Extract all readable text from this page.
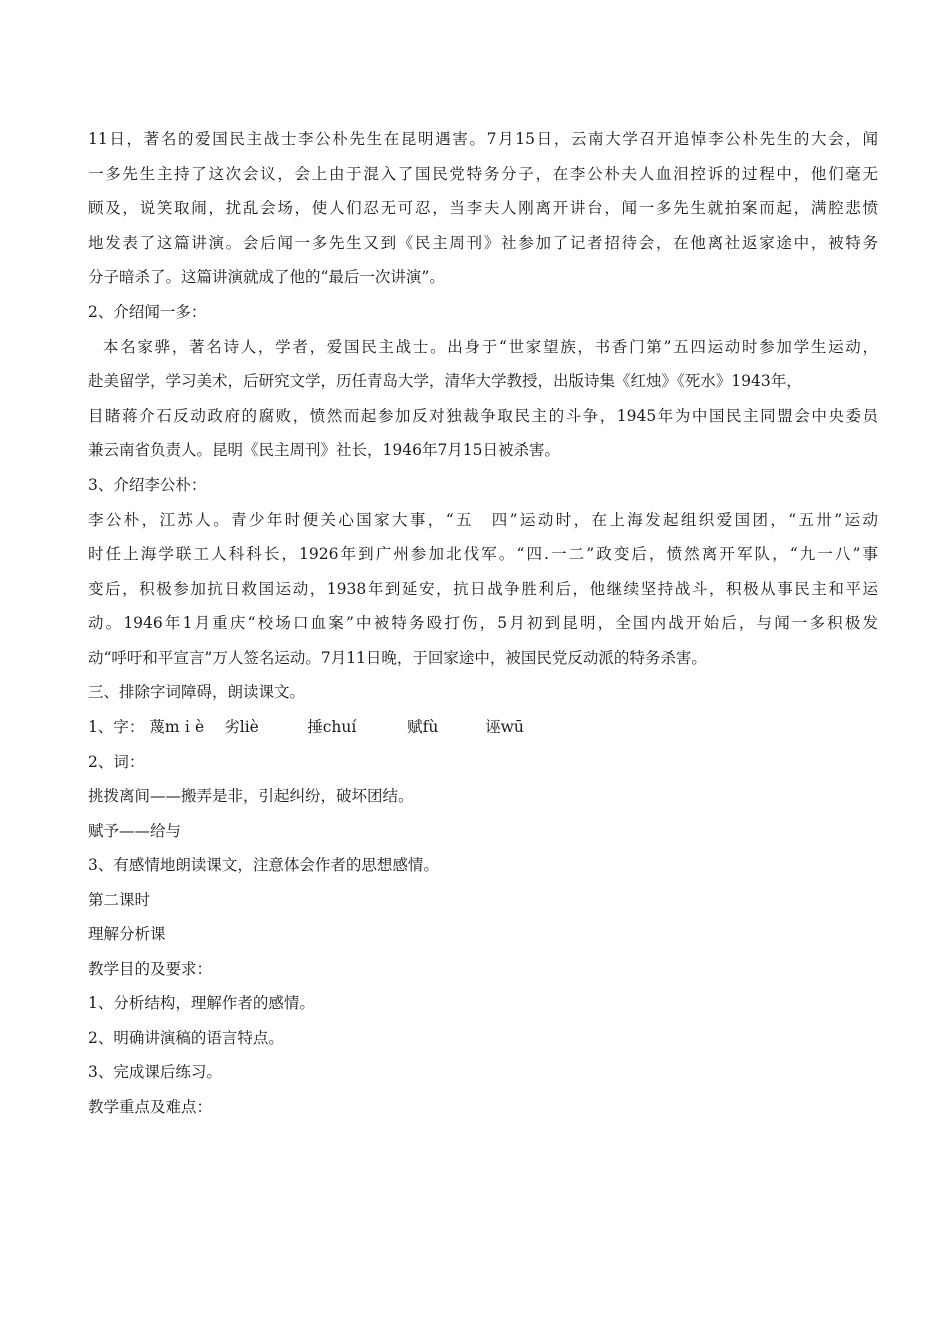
11日，著名的爱国民主战士李公朴先生在昆明遇害。7月15日，云南大学召开追悼李公朴先生的大会，闻
一多先生主持了这次会议，会上由于混入了国民党特务分子，在李公朴夫人血泪控诉的过程中，他们毫无
顾及，说笑取闹，扰乱会场，使人们忍无可忍，当李夫人刚离开讲台，闻一多先生就拍案而起，满腔悲愤
地发表了这篇讲演。会后闻一多先生又到《民主周刊》社参加了记者招待会，在他离社返家途中，被特务
分子暗杀了。这篇讲演就成了他的“最后一次讲演”。
2、介绍闻一多：
本名家骅，著名诗人，学者，爱国民主战士。出身于“世家望族，书香门第”五四运动时参加学生运动，
赴美留学，学习美术，后研究文学，历任青岛大学，清华大学教授，出版诗集《红烛》《死水》1943年，
目睹蒋介石反动政府的腐败，愤然而起参加反对独裁争取民主的斗争，1945年为中国民主同盟会中央委员
兼云南省负责人。昆明《民主周刊》社长，1946年7月15日被杀害。
3、介绍李公朴：
李公朴，江苏人。青少年时便关心国家大事，“五　四”运动时，在上海发起组织爱国团，“五卅”运动
时任上海学联工人科科长，1926年到广州参加北伐军。“四.一二”政变后，愤然离开军队，“九一八”事
变后，积极参加抗日救国运动，1938年到延安，抗日战争胜利后，他继续坚持战斗，积极从事民主和平运
动。1946年1月重庆“校场口血案”中被特务殴打伤，5月初到昆明，全国内战开始后，与闻一多积极发
动“呼吁和平宣言”万人签名运动。7月11日晚，于回家途中，被国民党反动派的特务杀害。
三、排除字词障碍，朗读课文。
1、字： 蔑mｉè 劣liè	捶chuí	赋fù	诬wū
2、词：
挑拨离间——搬弄是非，引起纠纷，破坏团结。
赋予——给与
3、有感情地朗读课文，注意体会作者的思想感情。
第二课时
理解分析课
教学目的及要求：
1、分析结构，理解作者的感情。
2、明确讲演稿的语言特点。
3、完成课后练习。
教学重点及难点：
